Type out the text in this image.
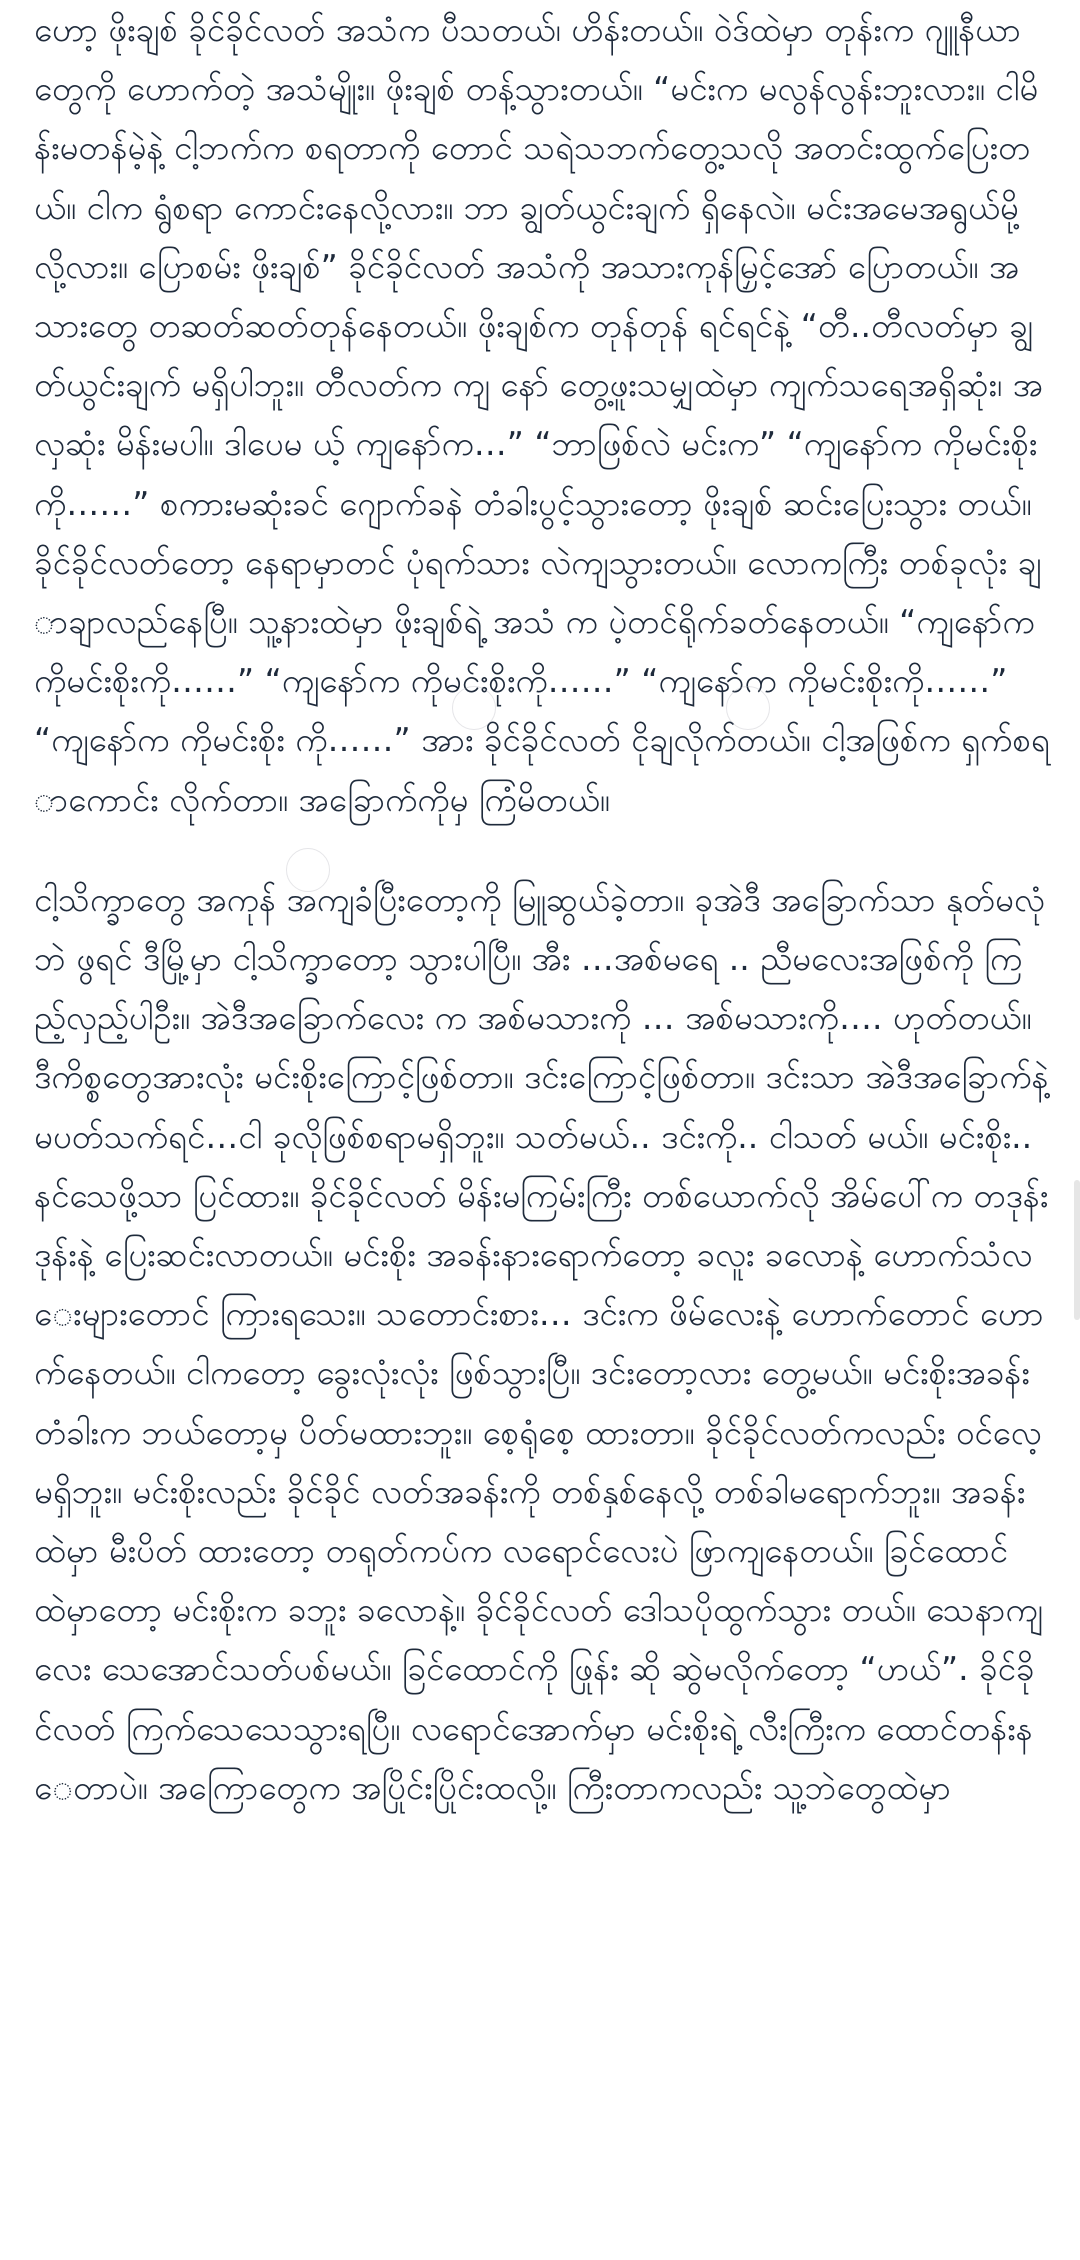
ဟော့ ဖိုးချစ် ခိုင်ခိုင်လတ် အသံက ပီသတယ်၊ ဟိန်းတယ်။ ဝဲဒ်ထဲမှာ တုန်းက ဂျူနီယာတွေကို ဟောက်တဲ့ အသံမျိုး။ ဖိုးချစ် တန့်သွားတယ်။ “မင်းက မလွန်လွန်းဘူးလား။ ငါမိန်းမတန်မဲ့နဲ့ ငါ့ဘက်က စရတာကို တောင် သရဲသဘက်တွေ့သလို အတင်းထွက်ပြေးတယ်။ ငါက ရွံစရာ ကောင်းနေလို့လား။ ဘာ ချွတ်ယွင်းချက် ရှိနေလဲ။ မင်းအမေအရွယ်မို့ လို့လား။ ပြောစမ်း ဖိုးချစ်” ခိုင်ခိုင်လတ် အသံကို အသားကုန်မြှင့်အော် ပြောတယ်။ အသားတွေ တဆတ်ဆတ်တုန်နေတယ်။ ဖိုးချစ်က တုန်တုန် ရင်ရင်နဲ့ “တီ..တီလတ်မှာ ချွတ်ယွင်းချက် မရှိပါဘူး။ တီလတ်က ကျ နော် တွေ့ဖူးသမျှထဲမှာ ကျက်သရေအရှိဆုံး၊ အလှဆုံး မိန်းမပါ။ ဒါပေမ ယ့် ကျနော်က…” “ဘာဖြစ်လဲ မင်းက” “ကျနော်က ကိုမင်းစိုးကို……” စကားမဆုံးခင် ဂျောက်ခနဲ တံခါးပွင့်သွားတော့ ဖိုးချစ် ဆင်းပြေးသွား တယ်။ ခိုင်ခိုင်လတ်တော့ နေရာမှာတင် ပုံရက်သား လဲကျသွားတယ်။ လောကကြီး တစ်ခုလုံး ချာချာလည်နေပြီ။ သူ့နားထဲမှာ ဖိုးချစ်ရဲ့ အသံ က ပဲ့တင်ရိုက်ခတ်နေတယ်။ “ကျနော်က ကိုမင်းစိုးကို……” “ကျနော်က ကိုမင်းစိုးကို……” “ကျနော်က ကိုမင်းစိုးကို……” “ကျနော်က ကိုမင်းစိုး ကို……” အား ခိုင်ခိုင်လတ် ငိုချလိုက်တယ်။ ငါ့အဖြစ်က ရှက်စရာကောင်း လိုက်တာ။ အခြောက်ကိုမှ ကြံမိတယ်။

ငါ့သိက္ခာတွေ အကုန် အကျခံပြီးတော့ကို မြူဆွယ်ခဲ့တာ။ ခုအဲဒီ အခြောက်သာ နုတ်မလုံဘဲ ဖွရင် ဒီမြို့မှာ ငါ့သိက္ခာတော့ သွားပါပြီ။ အီး …အစ်မရေ .. ညီမလေးအဖြစ်ကို ကြည့်လှည့်ပါဦး။ အဲဒီအခြောက်လေး က အစ်မသားကို … အစ်မသားကို…. ဟုတ်တယ်။ ဒီကိစ္စတွေအားလုံး မင်းစိုးကြောင့်ဖြစ်တာ။ ဒင်းကြောင့်ဖြစ်တာ။ ဒင်းသာ အဲဒီအခြောက်နဲ့ မပတ်သက်ရင်…ငါ ခုလိုဖြစ်စရာမရှိဘူး။ သတ်မယ်.. ဒင်းကို.. ငါသတ် မယ်။ မင်းစိုး.. နင်သေဖို့သာ ပြင်ထား။ ခိုင်ခိုင်လတ် မိန်းမကြမ်းကြီး တစ်ယောက်လို အိမ်ပေါ်က တဒုန်းဒုန်းနဲ့ ပြေးဆင်းလာတယ်။ မင်းစိုး အခန်းနားရောက်တော့ ခလူး ခလောနဲ့ ဟောက်သံလေးများတောင် ကြားရသေး။ သတောင်းစား… ဒင်းက ဖိမ်လေးနဲ့ ဟောက်တောင် ဟောက်နေတယ်။ ငါကတော့ ခွေးလုံးလုံး ဖြစ်သွားပြီ။ ဒင်းတော့လား တွေ့မယ်။ မင်းစိုးအခန်းတံခါးက ဘယ်တော့မှ ပိတ်မထားဘူး။ စေ့ရုံစေ့ ထားတာ။ ခိုင်ခိုင်လတ်ကလည်း ဝင်လေ့မရှိဘူး။ မင်းစိုးလည်း ခိုင်ခိုင် လတ်အခန်းကို တစ်နှစ်နေလို့ တစ်ခါမရောက်ဘူး။ အခန်းထဲမှာ မီးပိတ် ထားတော့ တရုတ်ကပ်က လရောင်လေးပဲ ဖြာကျနေတယ်။ ခြင်ထောင် ထဲမှာတော့ မင်းစိုးက ခဘူး ခလောနဲ့။ ခိုင်ခိုင်လတ် ဒေါသပိုထွက်သွား တယ်။ သေနာကျလေး သေအောင်သတ်ပစ်မယ်။ ခြင်ထောင်ကို ဖြုန်း ဆို ဆွဲမလိုက်တော့ “ဟယ်”. ခိုင်ခိုင်လတ် ကြက်သေသေသွားရပြီ။ လရောင်အောက်မှာ မင်းစိုးရဲ့ လီးကြီးက ထောင်တန်းနေတာပဲ။ အကြောတွေက အပြိုင်းပြိုင်းထလို့။ ကြီးတာကလည်း သူ့ဘဲတွေထဲမှာ
